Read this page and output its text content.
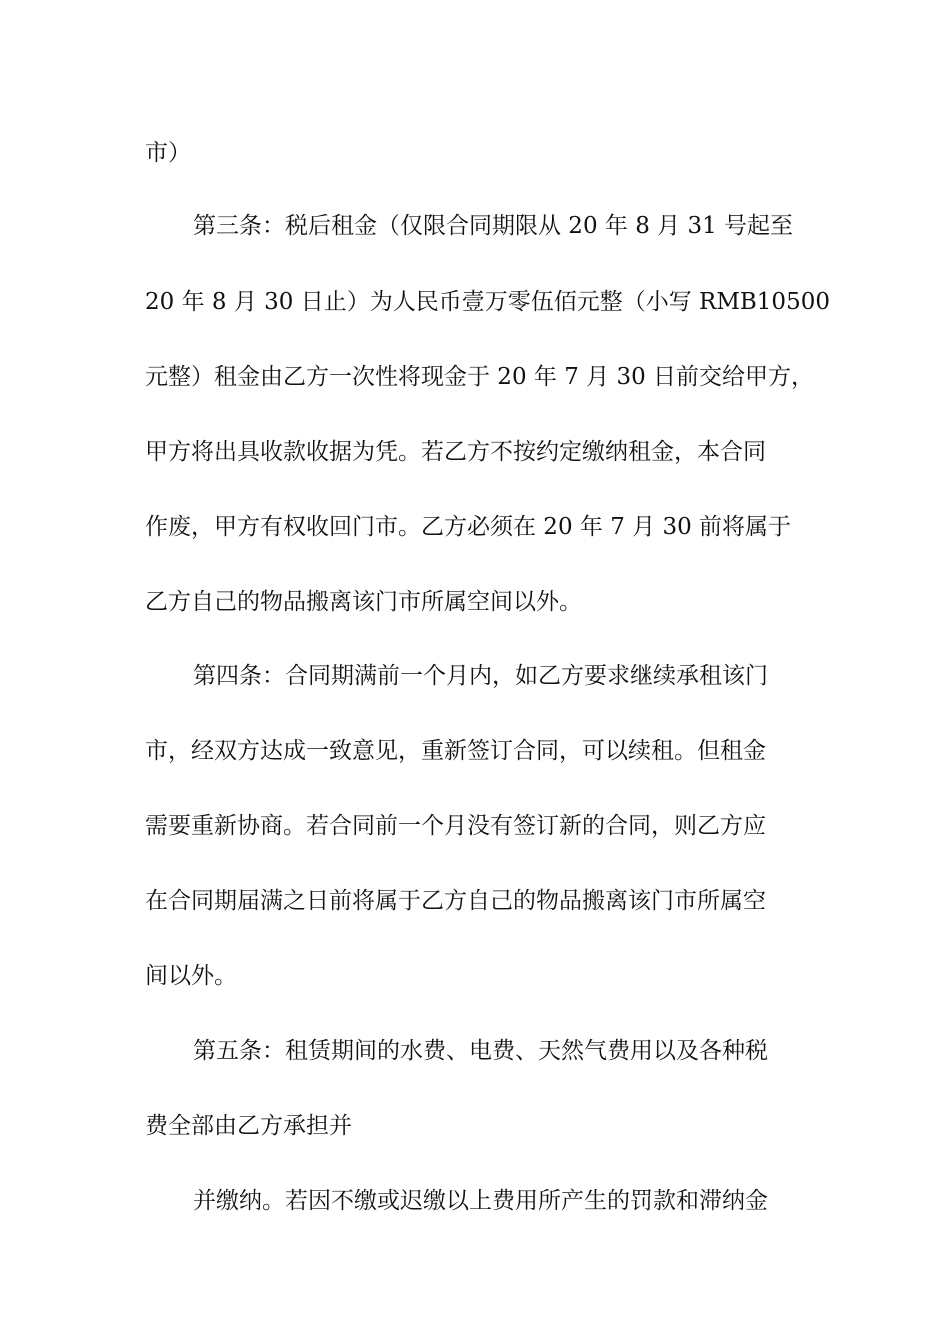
市）
第三条：税后租金（仅限合同期限从 20 年 8 月 31 号起至
20 年 8 月 30 日止）为人民币壹万零伍佰元整（小写 RMB10500
元整）租金由乙方一次性将现金于 20 年 7 月 30 日前交给甲方，
甲方将出具收款收据为凭。若乙方不按约定缴纳租金，本合同
作废，甲方有权收回门市。乙方必须在 20 年 7 月 30 前将属于
乙方自己的物品搬离该门市所属空间以外。
第四条：合同期满前一个月内，如乙方要求继续承租该门
市，经双方达成一致意见，重新签订合同，可以续租。但租金
需要重新协商。若合同前一个月没有签订新的合同，则乙方应
在合同期届满之日前将属于乙方自己的物品搬离该门市所属空
间以外。
第五条：租赁期间的水费、电费、天然气费用以及各种税
费全部由乙方承担并
并缴纳。若因不缴或迟缴以上费用所产生的罚款和滞纳金
